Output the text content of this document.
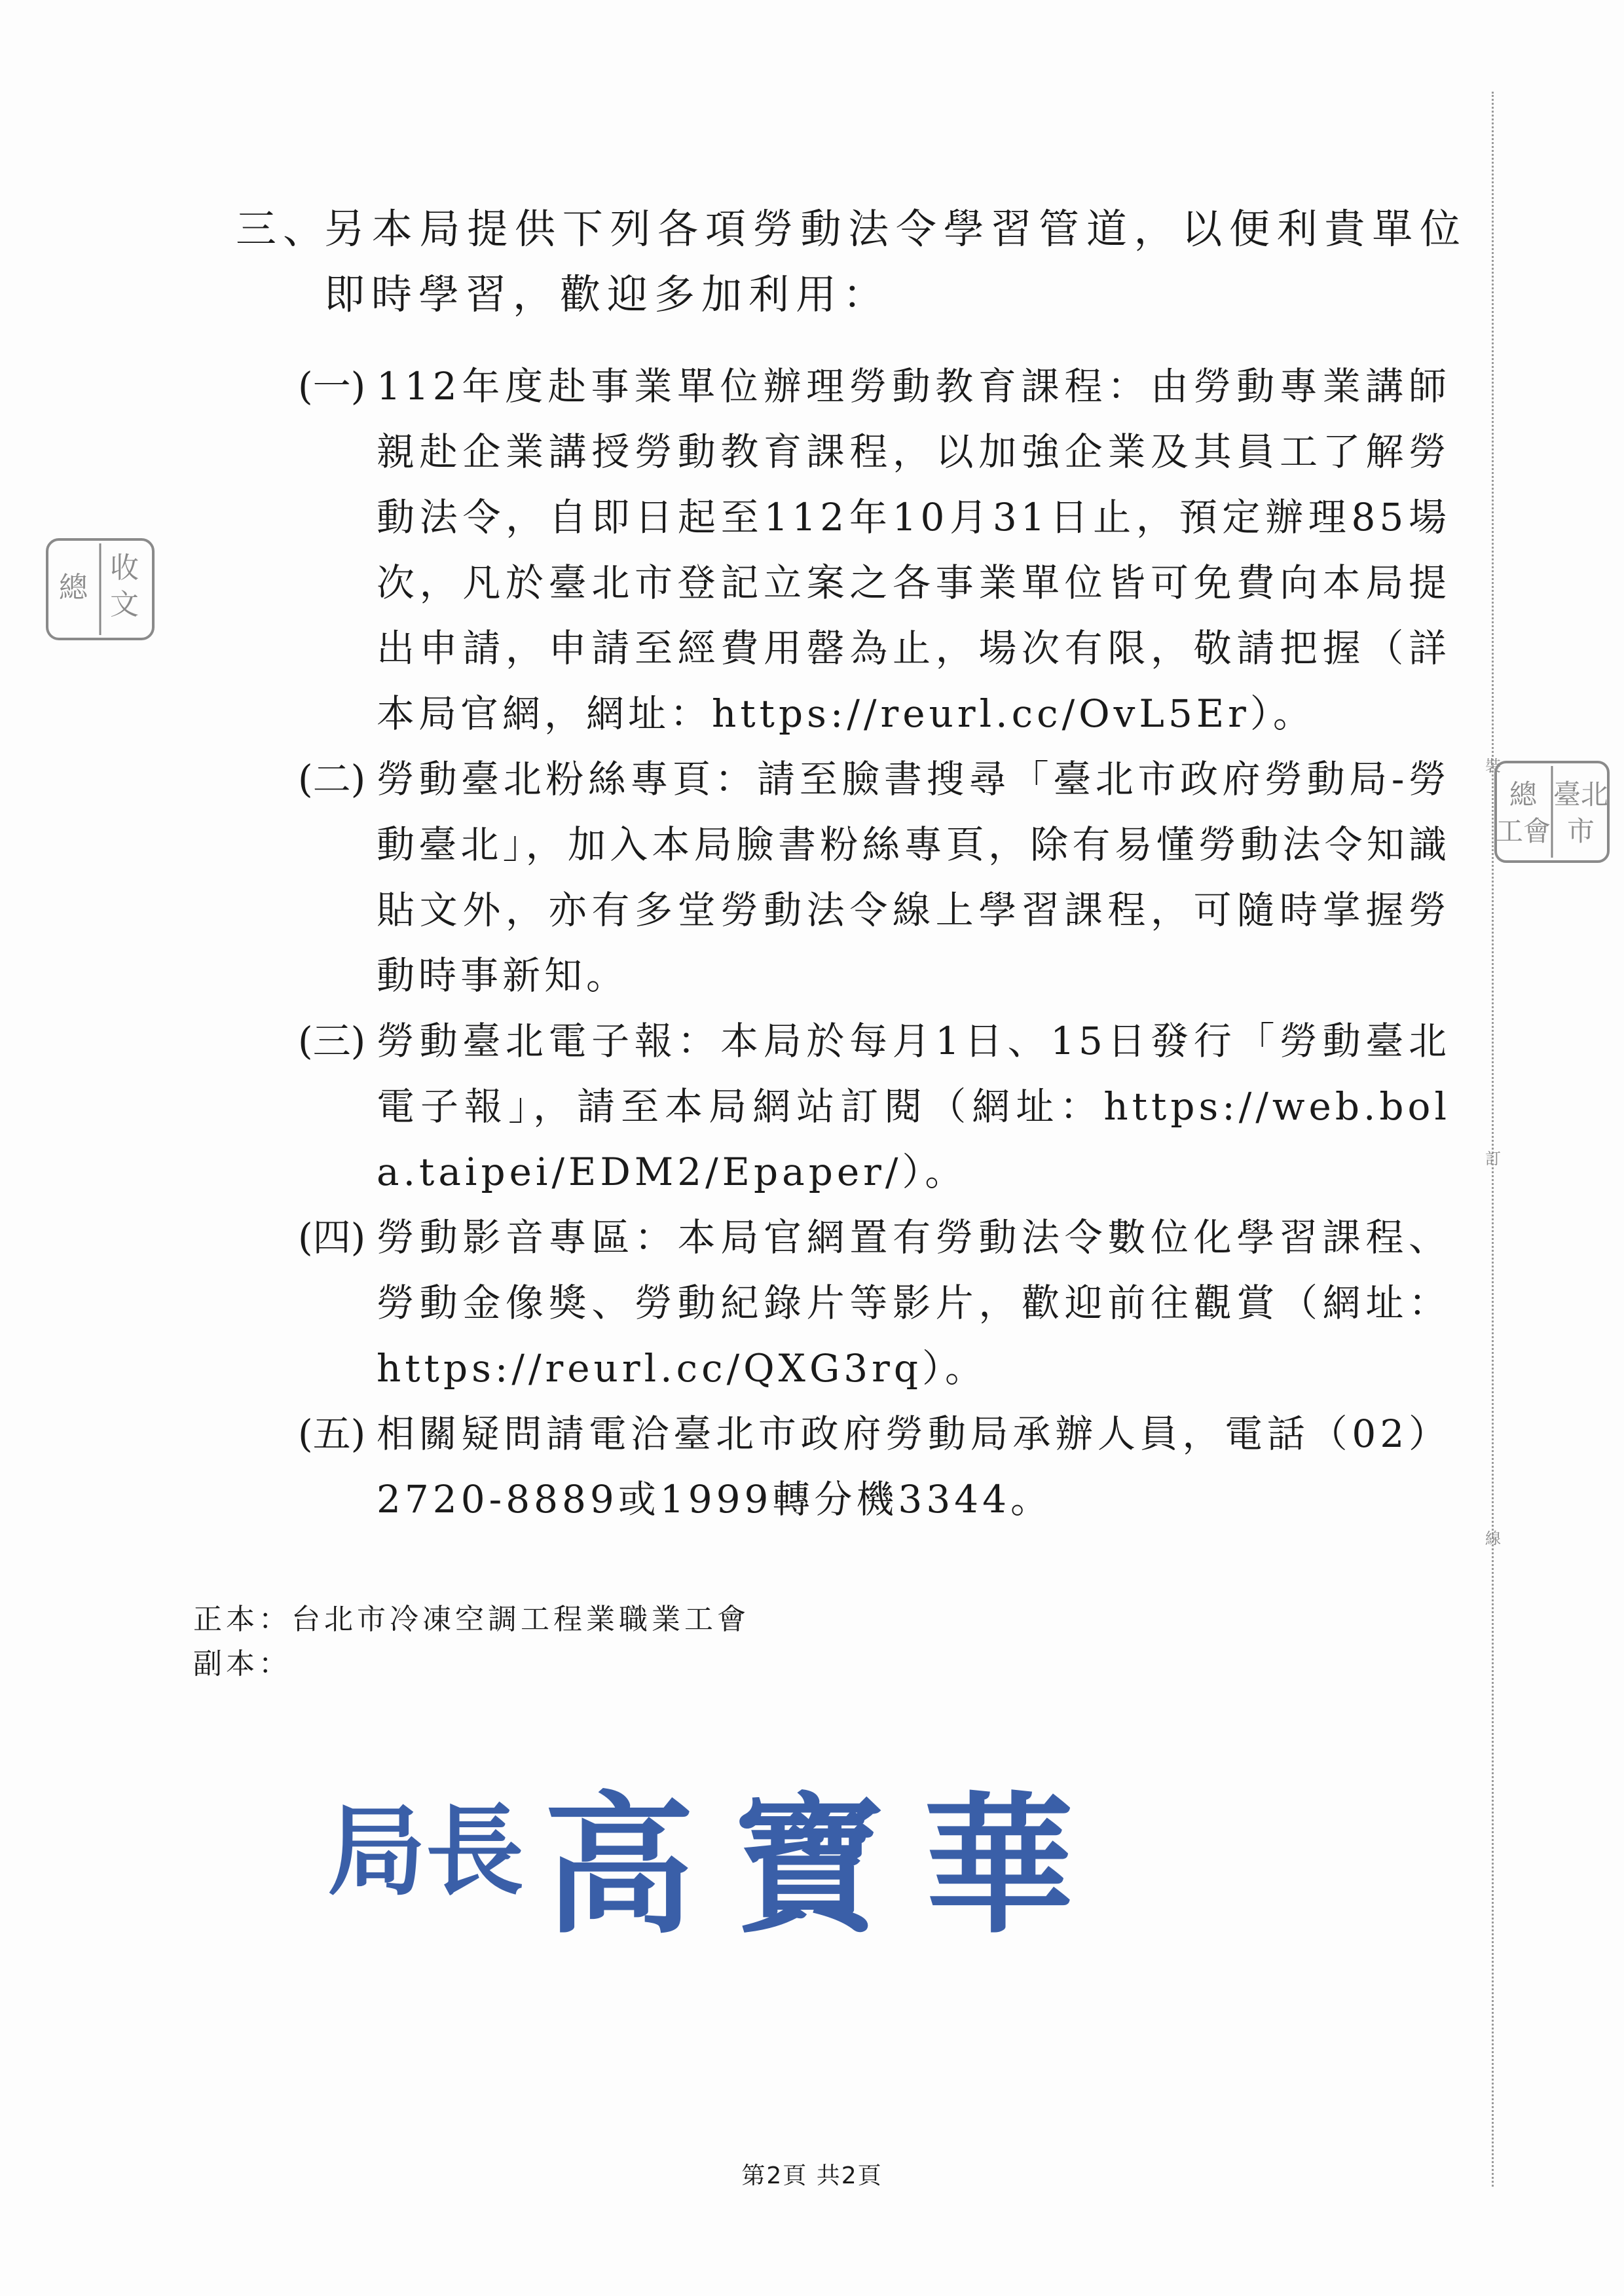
裝
訂
線
收
文
總
臺北
總
市
工會
三、
另本局提供下列各項勞動法令學習管道，以便利貴單位即時學習，歡迎多加利用：
(一) 112年度赴事業單位辦理勞動教育課程：由勞動專業講師親赴企業講授勞動教育課程，以加強企業及其員工了解勞動法令，自即日起至112年10月31日止，預定辦理85場次，凡於臺北市登記立案之各事業單位皆可免費向本局提出申請，申請至經費用罄為止，場次有限，敬請把握（詳本局官網，網址：https://reurl.cc/OvL5Er）。
(二) 勞動臺北粉絲專頁：請至臉書搜尋「臺北市政府勞動局-勞動臺北」，加入本局臉書粉絲專頁，除有易懂勞動法令知識貼文外，亦有多堂勞動法令線上學習課程，可隨時掌握勞動時事新知。
(三) 勞動臺北電子報：本局於每月1日、15日發行「勞動臺北電子報」，請至本局網站訂閱（網址：https://web.bola.taipei/EDM2/Epaper/）。
(四) 勞動影音專區：本局官網置有勞動法令數位化學習課程、勞動金像獎、勞動紀錄片等影片，歡迎前往觀賞（網址：https://reurl.cc/QXG3rq）。
(五) 相關疑問請電洽臺北市政府勞動局承辦人員，電話（02）2720-8889或1999轉分機3344。
正本：台北市冷凍空調工程業職業工會
副本：
局長 高寶華
第2頁 共2頁
